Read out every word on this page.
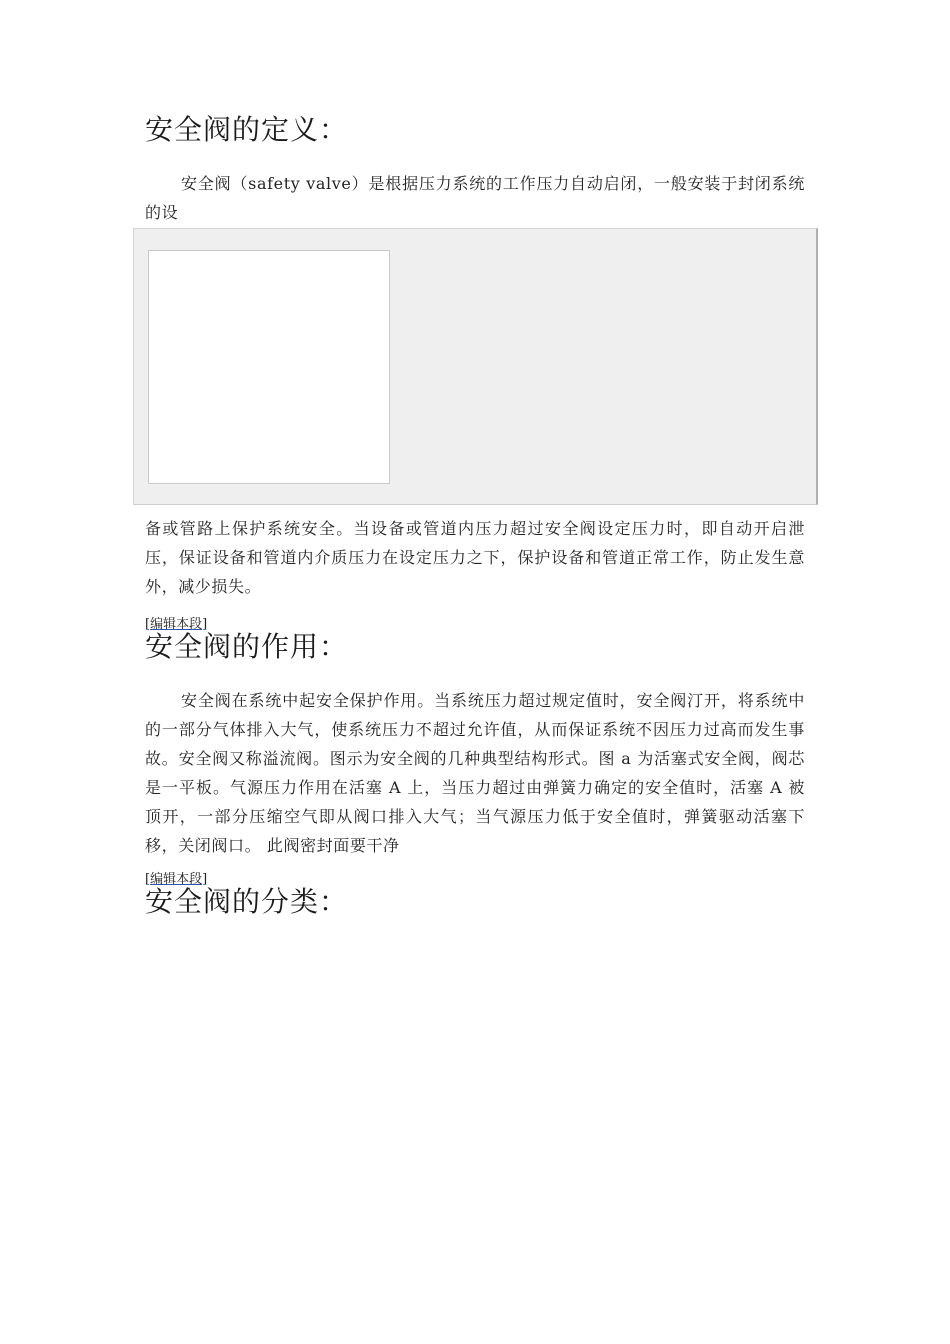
安全阀的定义：
安全阀（safety valve）是根据压力系统的工作压力自动启闭，一般安装于封闭系统的设
备或管路上保护系统安全。当设备或管道内压力超过安全阀设定压力时，即自动开启泄压，保证设备和管道内介质压力在设定压力之下，保护设备和管道正常工作，防止发生意外，减少损失。
[编辑本段]
安全阀的作用：
安全阀在系统中起安全保护作用。当系统压力超过规定值时，安全阀汀开，将系统中的一部分气体排入大气，使系统压力不超过允许值，从而保证系统不因压力过高而发生事故。安全阀又称溢流阀。图示为安全阀的几种典型结构形式。图 a 为活塞式安全阀，阀芯是一平板。气源压力作用在活塞 A 上，当压力超过由弹簧力确定的安全值时，活塞 A 被顶开，一部分压缩空气即从阀口排入大气；当气源压力低于安全值时，弹簧驱动活塞下移，关闭阀口。 此阀密封面要干净
[编辑本段]
安全阀的分类：
